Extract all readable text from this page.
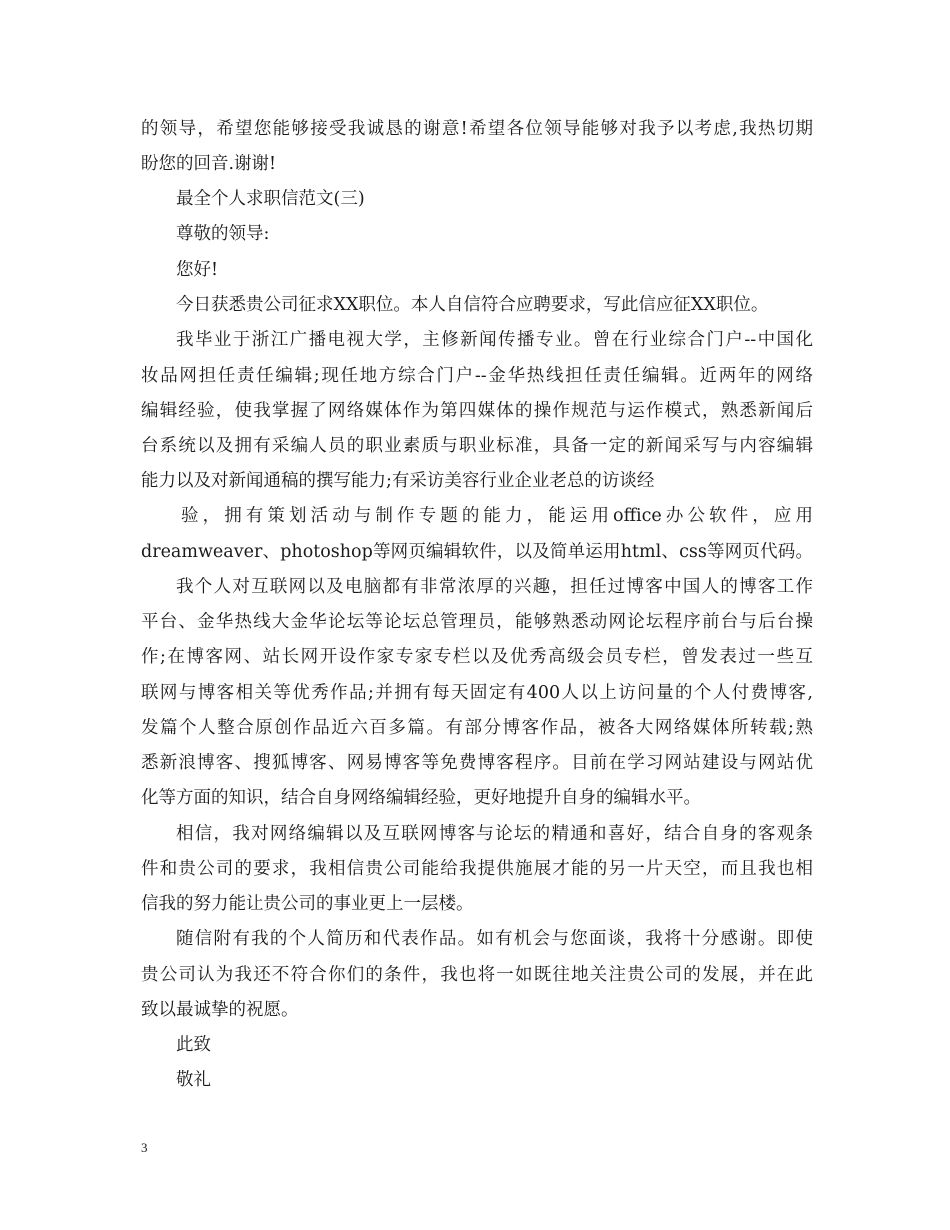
的领导，希望您能够接受我诚恳的谢意!希望各位领导能够对我予以考虑,我热切期
盼您的回音.谢谢!
最全个人求职信范文(三)
尊敬的领导:
您好!
今日获悉贵公司征求XX职位。本人自信符合应聘要求，写此信应征XX职位。
我毕业于浙江广播电视大学，主修新闻传播专业。曾在行业综合门户--中国化
妆品网担任责任编辑;现任地方综合门户--金华热线担任责任编辑。近两年的网络
编辑经验，使我掌握了网络媒体作为第四媒体的操作规范与运作模式，熟悉新闻后
台系统以及拥有采编人员的职业素质与职业标准，具备一定的新闻采写与内容编辑
能力以及对新闻通稿的撰写能力;有采访美容行业企业老总的访谈经
验，拥有策划活动与制作专题的能力，能运用office办公软件，应用
dreamweaver、photoshop等网页编辑软件，以及简单运用html、css等网页代码。
我个人对互联网以及电脑都有非常浓厚的兴趣，担任过博客中国人的博客工作
平台、金华热线大金华论坛等论坛总管理员，能够熟悉动网论坛程序前台与后台操
作;在博客网、站长网开设作家专家专栏以及优秀高级会员专栏，曾发表过一些互
联网与博客相关等优秀作品;并拥有每天固定有400人以上访问量的个人付费博客,
发篇个人整合原创作品近六百多篇。有部分博客作品，被各大网络媒体所转载;熟
悉新浪博客、搜狐博客、网易博客等免费博客程序。目前在学习网站建设与网站优
化等方面的知识，结合自身网络编辑经验，更好地提升自身的编辑水平。
相信，我对网络编辑以及互联网博客与论坛的精通和喜好，结合自身的客观条
件和贵公司的要求，我相信贵公司能给我提供施展才能的另一片天空，而且我也相
信我的努力能让贵公司的事业更上一层楼。
随信附有我的个人简历和代表作品。如有机会与您面谈，我将十分感谢。即使
贵公司认为我还不符合你们的条件，我也将一如既往地关注贵公司的发展，并在此
致以最诚挚的祝愿。
此致
敬礼
3
